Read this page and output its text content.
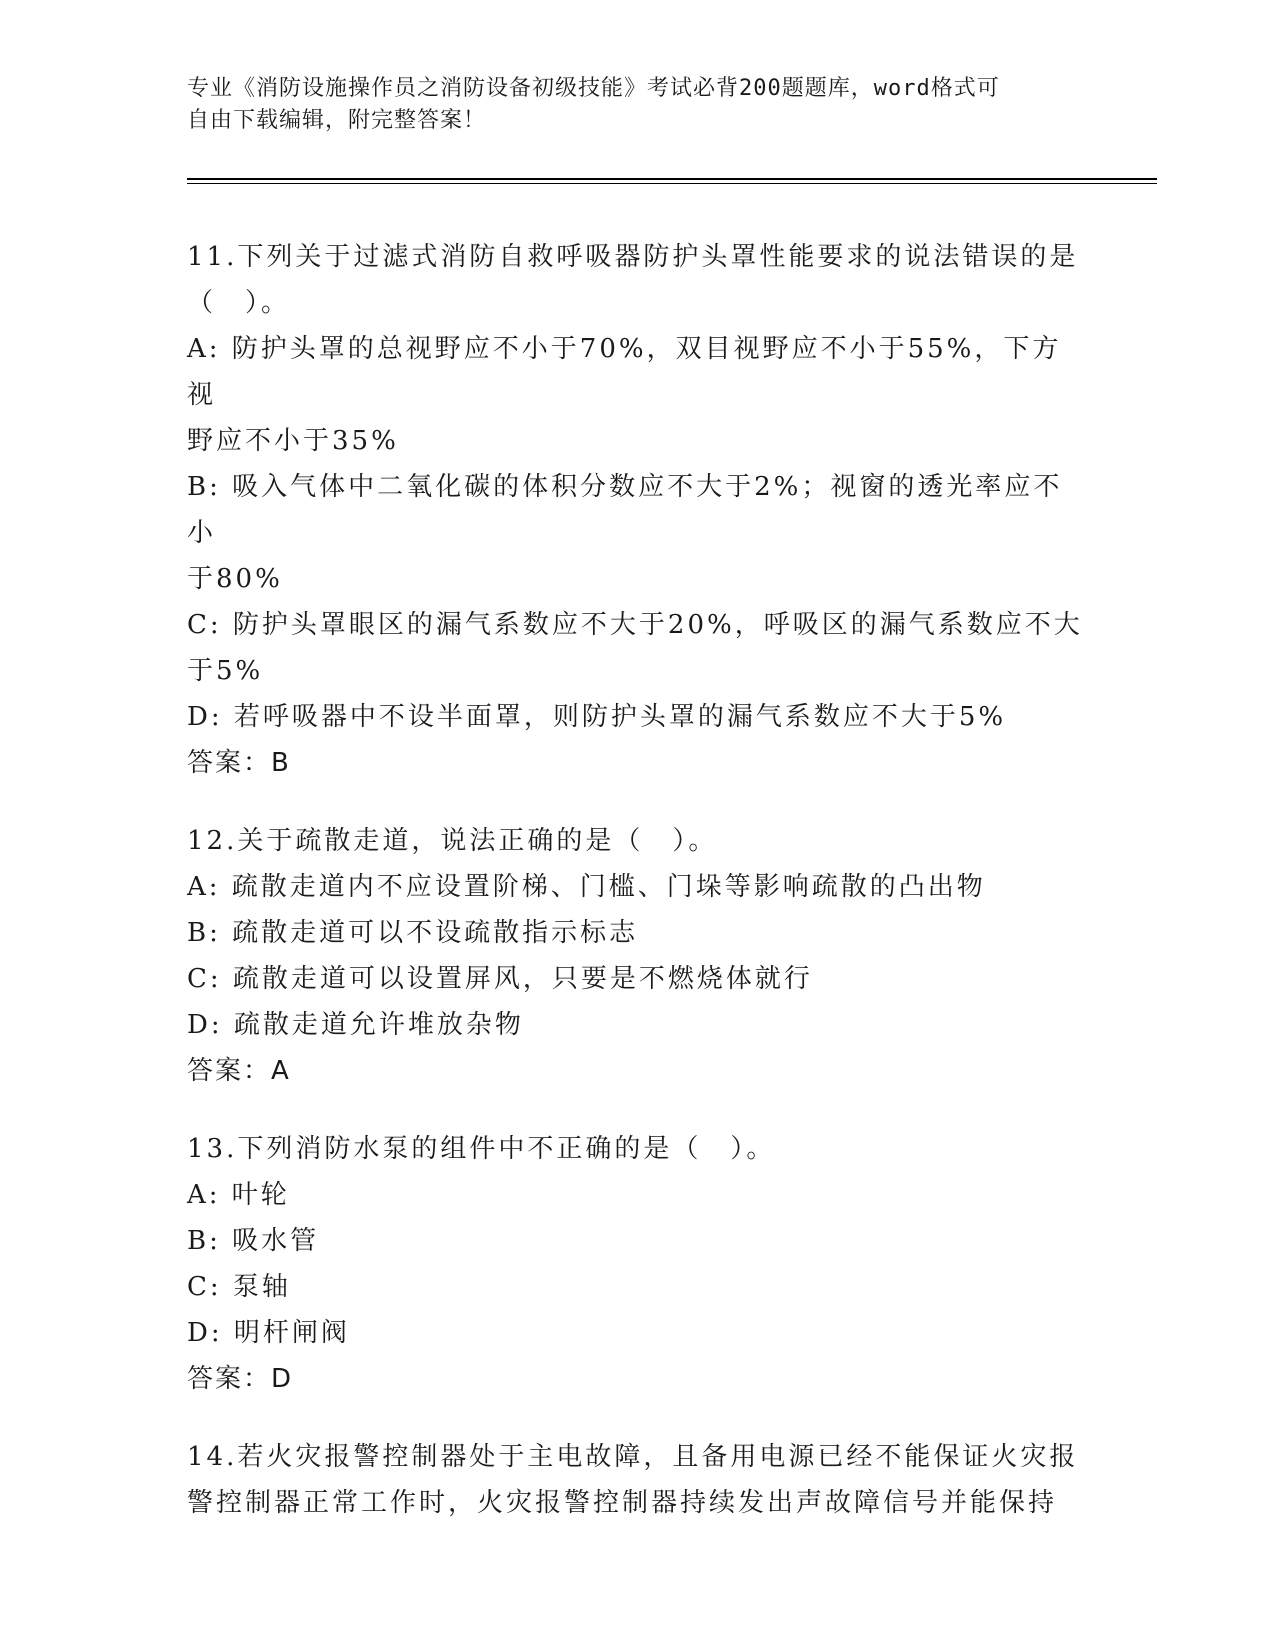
专业《消防设施操作员之消防设备初级技能》考试必背200题题库，word格式可
自由下载编辑，附完整答案！
11.下列关于过滤式消防自救呼吸器防护头罩性能要求的说法错误的是
（　）。
A: 防护头罩的总视野应不小于70%，双目视野应不小于55%，下方视
野应不小于35%
B: 吸入气体中二氧化碳的体积分数应不大于2%；视窗的透光率应不小
于80%
C: 防护头罩眼区的漏气系数应不大于20%，呼吸区的漏气系数应不大
于5%
D: 若呼吸器中不设半面罩，则防护头罩的漏气系数应不大于5%
答案：B
12.关于疏散走道，说法正确的是（　）。
A: 疏散走道内不应设置阶梯、门槛、门垛等影响疏散的凸出物
B: 疏散走道可以不设疏散指示标志
C: 疏散走道可以设置屏风，只要是不燃烧体就行
D: 疏散走道允许堆放杂物
答案：A
13.下列消防水泵的组件中不正确的是（　）。
A: 叶轮
B: 吸水管
C: 泵轴
D: 明杆闸阀
答案：D
14.若火灾报警控制器处于主电故障，且备用电源已经不能保证火灾报
警控制器正常工作时，火灾报警控制器持续发出声故障信号并能保持
